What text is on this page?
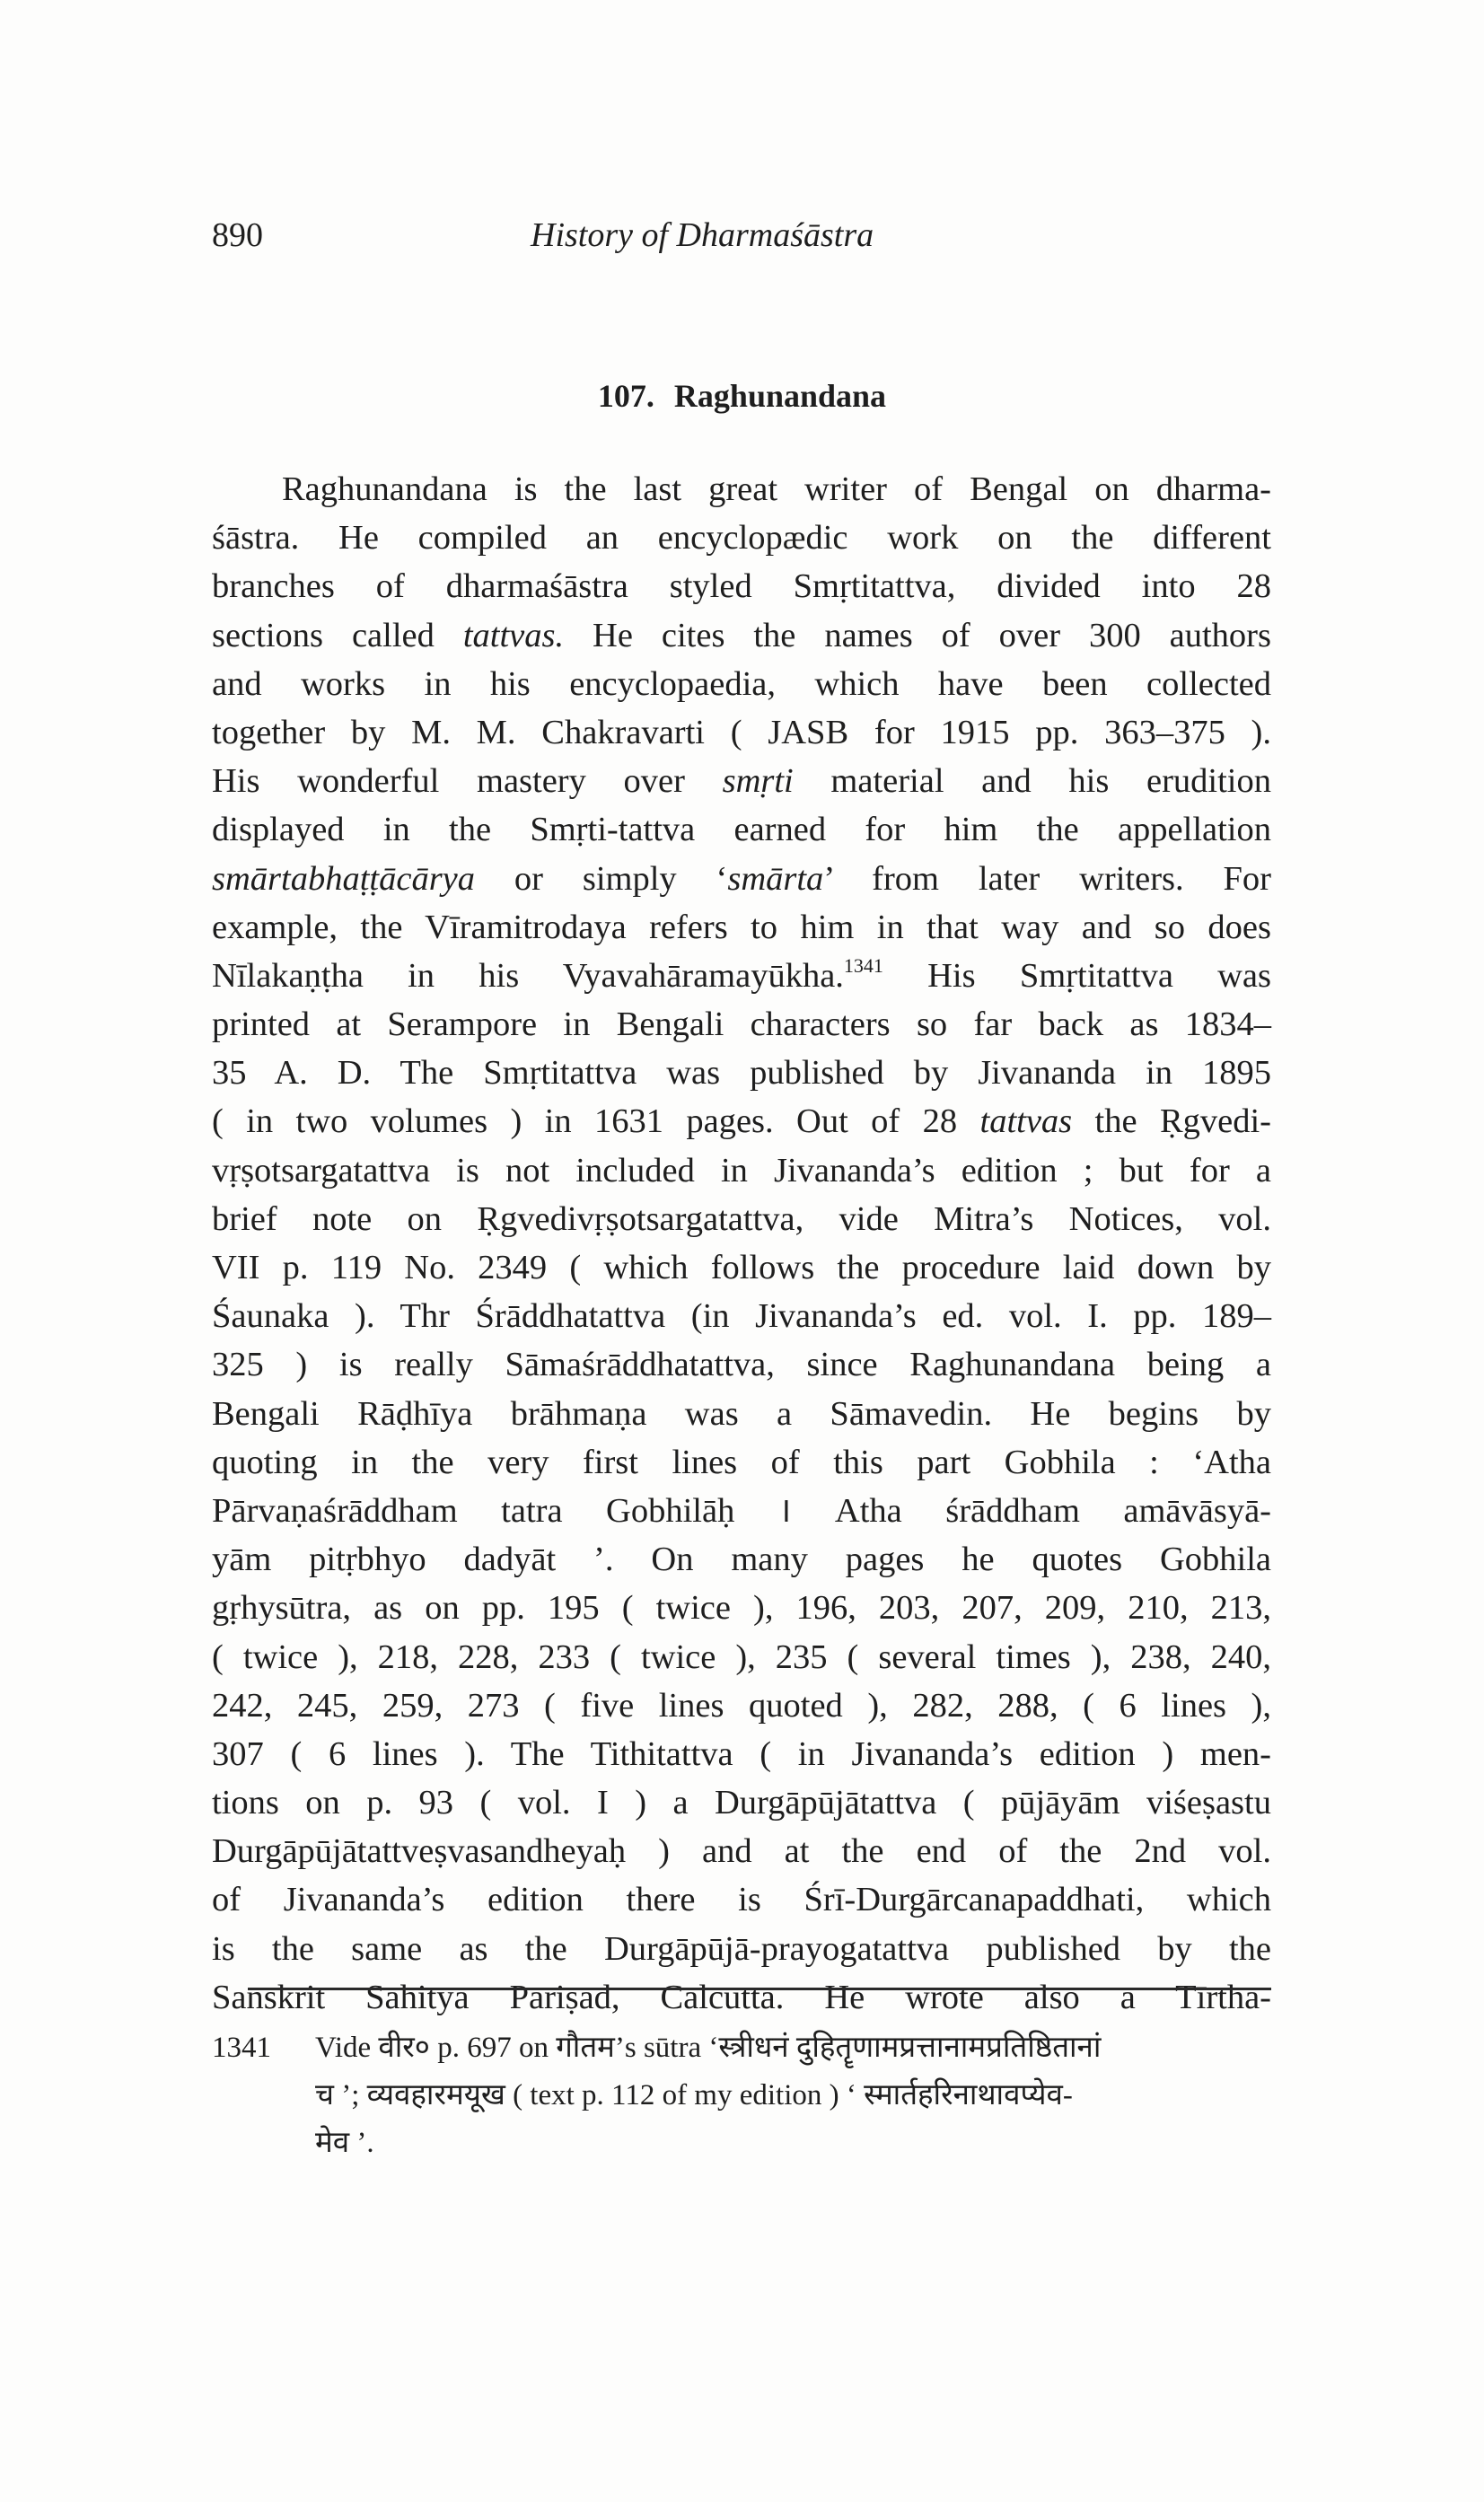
890	History of Dharmaśāstra
107. Raghunandana
Raghunandana is the last great writer of Bengal on dharma-
śāstra. He compiled an encyclopædic work on the different
branches of dharmaśāstra styled Smṛtitattva, divided into 28
sections called tattvas. He cites the names of over 300 authors
and works in his encyclopaedia, which have been collected
together by M. M. Chakravarti ( JASB for 1915 pp. 363–375 ).
His wonderful mastery over smṛti material and his erudition
displayed in the Smṛti-tattva earned for him the appellation
smārtabhaṭṭācārya or simply ‘smārta’ from later writers. For
example, the Vīramitrodaya refers to him in that way and so does
Nīlakaṇṭha in his Vyavahāramayūkha.$^{1341}$ His Smṛtitattva was
printed at Serampore in Bengali characters so far back as 1834–
35 A. D. The Smṛtitattva was published by Jivananda in 1895
( in two volumes ) in 1631 pages. Out of 28 tattvas the Ṛgvedi-
vṛṣotsargatattva is not included in Jivananda’s edition ; but for a
brief note on Ṛgvedivṛṣotsargatattva, vide Mitra’s Notices, vol.
VII p. 119 No. 2349 ( which follows the procedure laid down by
Śaunaka ). Thr Śrāddhatattva (in Jivananda’s ed. vol. I. pp. 189–
325 ) is really Sāmaśrāddhatattva, since Raghunandana being a
Bengali Rāḍhīya brāhmaṇa was a Sāmavedin. He begins by
quoting in the very first lines of this part Gobhila : ‘Atha
Pārvaṇaśrāddham tatra Gobhilāḥ । Atha śrāddham amāvāsyā-
yām pitṛbhyo dadyāt ’. On many pages he quotes Gobhila
gṛhysūtra, as on pp. 195 ( twice ), 196, 203, 207, 209, 210, 213,
( twice ), 218, 228, 233 ( twice ), 235 ( several times ), 238, 240,
242, 245, 259, 273 ( five lines quoted ), 282, 288, ( 6 lines ),
307 ( 6 lines ). The Tithitattva ( in Jivananda’s edition ) men-
tions on p. 93 ( vol. I ) a Durgāpūjātattva ( pūjāyām viśeṣastu
Durgāpūjātattveṣvasandheyaḥ ) and at the end of the 2nd vol.
of Jivananda’s edition there is Śrī-Durgārcanapaddhati, which
is the same as the Durgāpūjā-prayogatattva published by the
Sanskrit Sāhitya Pariṣad, Calcutta. He wrote also a Tīrtha-
1341 Vide वीर० p. 697 on गौतम’s sūtra ‘स्त्रीधनं दुहितॄणामप्रत्तानामप्रतिष्ठितानां
च ’; व्यवहारमयूख ( text p. 112 of my edition ) ‘ स्मार्तहरिनाथावप्येव-
मेव ’.
